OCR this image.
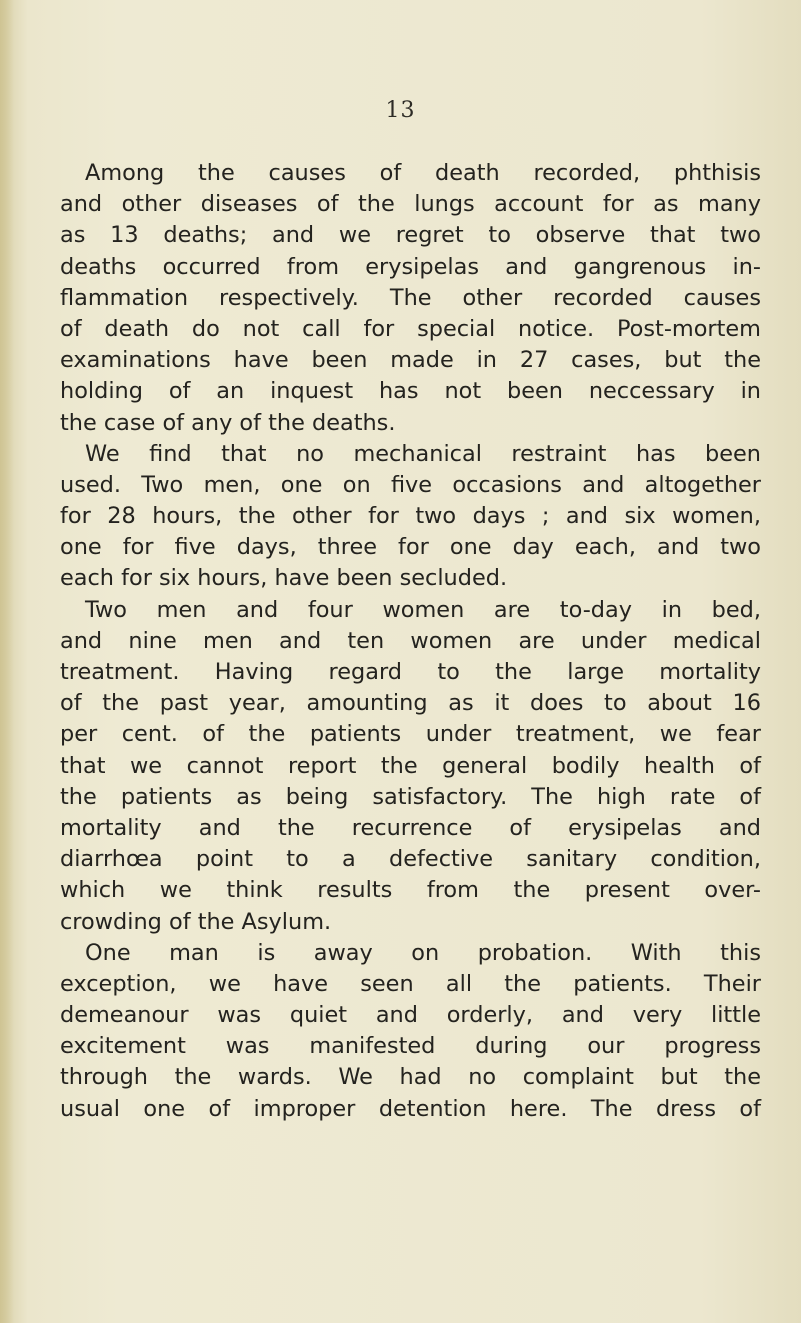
13
Among the causes of death recorded, phthisis
and other diseases of the lungs account for as many
as 13 deaths; and we regret to observe that two
deaths occurred from erysipelas and gangrenous in-
flammation respectively. The other recorded causes
of death do not call for special notice. Post-mortem
examinations have been made in 27 cases, but the
holding of an inquest has not been neccessary in
the case of any of the deaths.
We find that no mechanical restraint has been
used. Two men, one on five occasions and altogether
for 28 hours, the other for two days ; and six women,
one for five days, three for one day each, and two
each for six hours, have been secluded.
Two men and four women are to-day in bed,
and nine men and ten women are under medical
treatment. Having regard to the large mortality
of the past year, amounting as it does to about 16
per cent. of the patients under treatment, we fear
that we cannot report the general bodily health of
the patients as being satisfactory. The high rate of
mortality and the recurrence of erysipelas and
diarrhœa point to a defective sanitary condition,
which we think results from the present over-
crowding of the Asylum.
One man is away on probation. With this
exception, we have seen all the patients. Their
demeanour was quiet and orderly, and very little
excitement was manifested during our progress
through the wards. We had no complaint but the
usual one of improper detention here. The dress of
